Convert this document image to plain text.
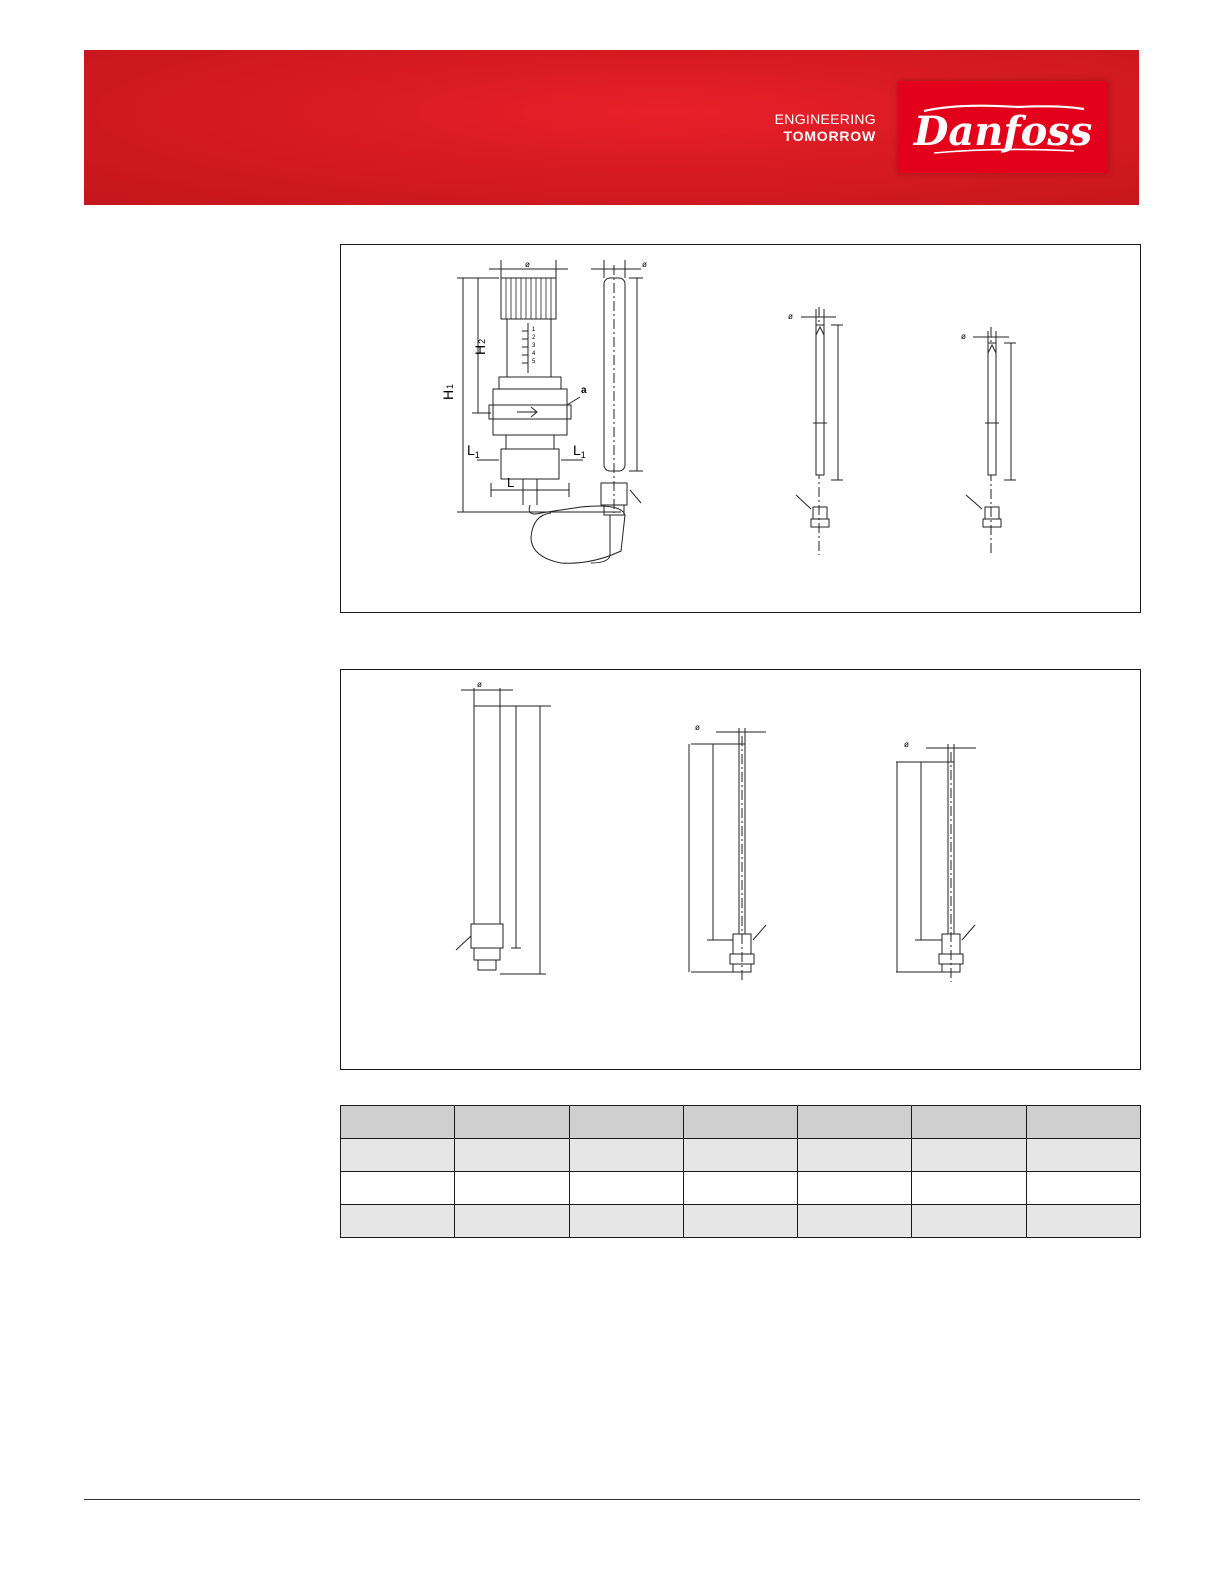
ENGINEERING
TOMORROW Danfoss
H1
H2
$L_1$	$L_1$
L
a
ø	ø
ø
ø
1
2
3
4
5
ø
ø
ø
